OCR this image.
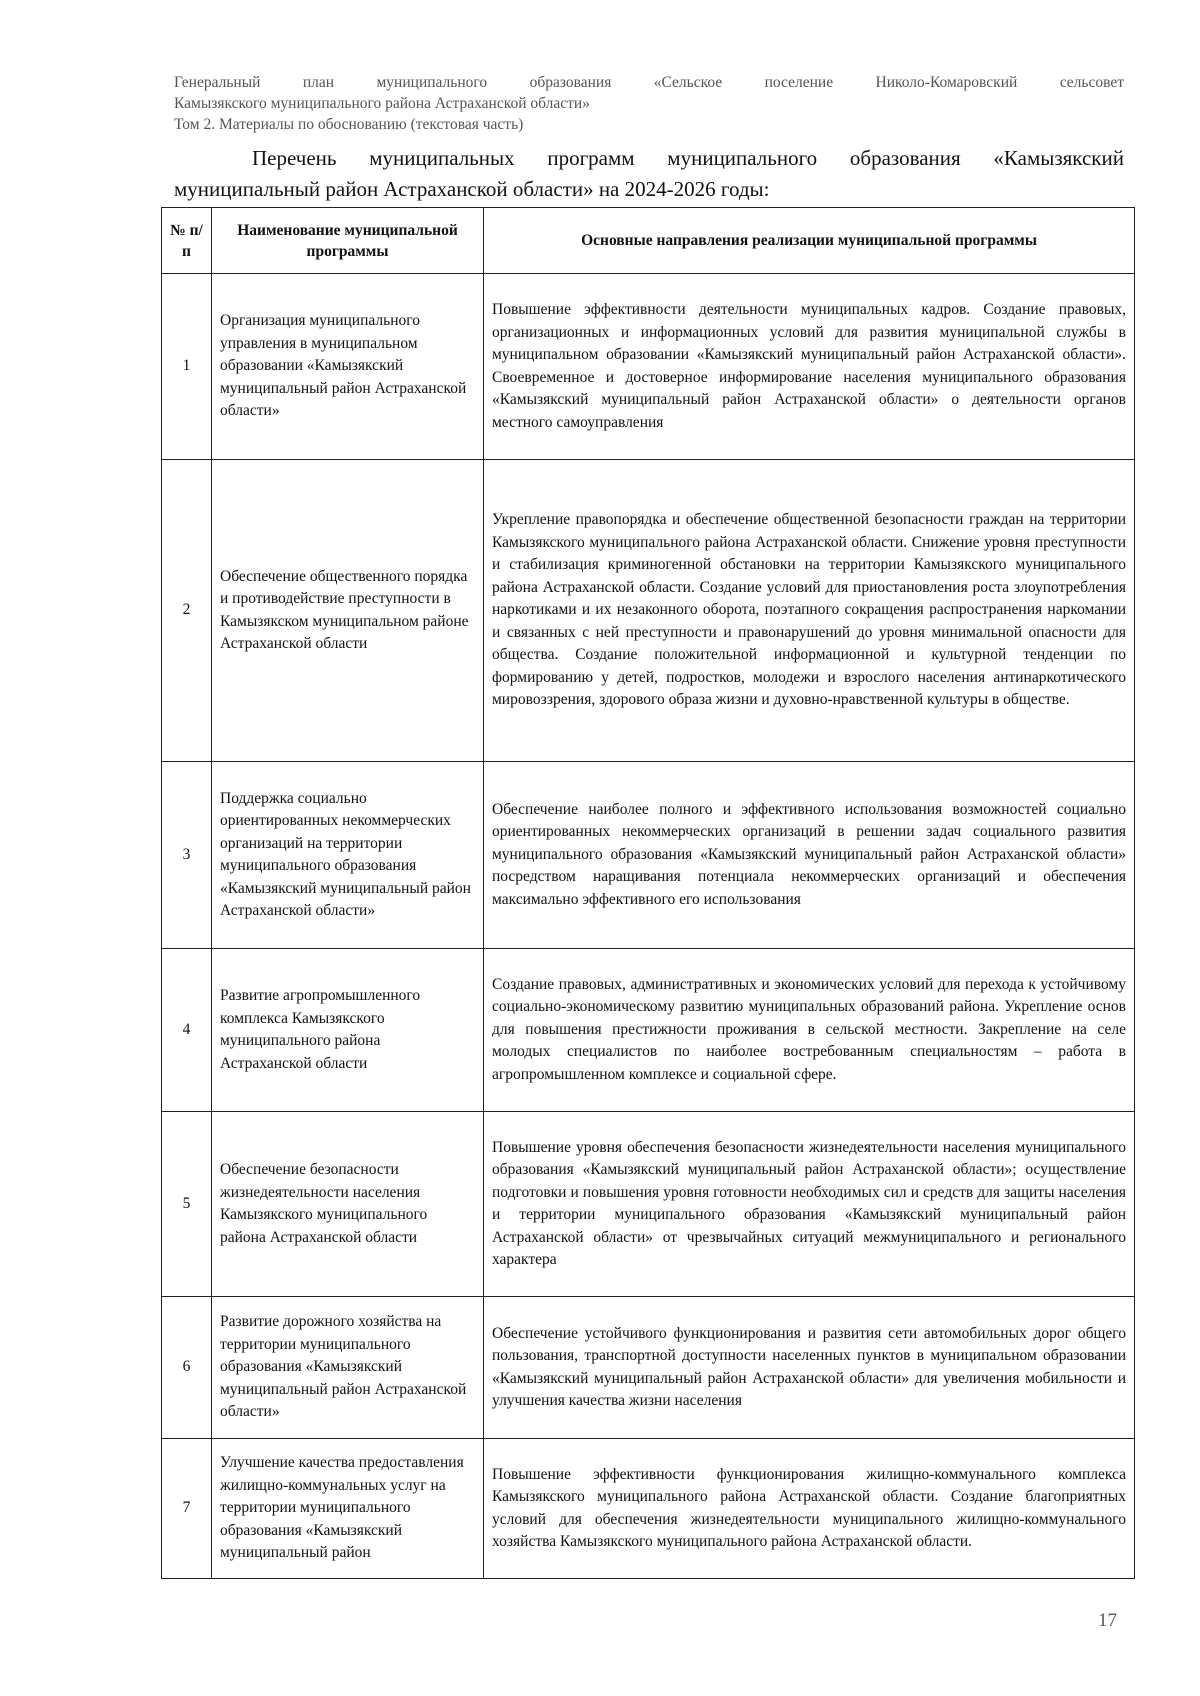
Генеральный план муниципального образования «Сельское поселение Николо-Комаровский сельсовет
Камызякского муниципального района Астраханской области»
Том 2. Материалы по обоснованию (текстовая часть)
Перечень муниципальных программ муниципального образования «Камызякский муниципальный район Астраханской области» на 2024-2026 годы:
№ п/п	Наименование муниципальной программы	Основные направления реализации муниципальной программы
1	Организация муниципального управления в муниципальном образовании «Камызякский муниципальный район Астраханской области»	Повышение эффективности деятельности муниципальных кадров. Создание правовых, организационных и информационных условий для развития муниципальной службы в муниципальном образовании «Камызякский муниципальный район Астраханской области». Своевременное и достоверное информирование населения муниципального образования «Камызякский муниципальный район Астраханской области» о деятельности органов местного самоуправления
2	Обеспечение общественного порядка и противодействие преступности в Камызякском муниципальном районе Астраханской области	Укрепление правопорядка и обеспечение общественной безопасности граждан на территории Камызякского муниципального района Астраханской области. Снижение уровня преступности и стабилизация криминогенной обстановки на территории Камызякского муниципального района Астраханской области. Создание условий для приостановления роста злоупотребления наркотиками и их незаконного оборота, поэтапного сокращения распространения наркомании и связанных с ней преступности и правонарушений до уровня минимальной опасности для общества. Создание положительной информационной и культурной тенденции по формированию у детей, подростков, молодежи и взрослого населения антинаркотического мировоззрения, здорового образа жизни и духовно-нравственной культуры в обществе.
3	Поддержка социально ориентированных некоммерческих организаций на территории муниципального образования «Камызякский муниципальный район Астраханской области»	Обеспечение наиболее полного и эффективного использования возможностей социально ориентированных некоммерческих организаций в решении задач социального развития муниципального образования «Камызякский муниципальный район Астраханской области» посредством наращивания потенциала некоммерческих организаций и обеспечения максимально эффективного его использования
4	Развитие агропромышленного комплекса Камызякского муниципального района Астраханской области	Создание правовых, административных и экономических условий для перехода к устойчивому социально-экономическому развитию муниципальных образований района. Укрепление основ для повышения престижности проживания в сельской местности. Закрепление на селе молодых специалистов по наиболее востребованным специальностям – работа в агропромышленном комплексе и социальной сфере.
5	Обеспечение безопасности жизнедеятельности населения Камызякского муниципального района Астраханской области	Повышение уровня обеспечения безопасности жизнедеятельности населения муниципального образования «Камызякский муниципальный район Астраханской области»; осуществление подготовки и повышения уровня готовности необходимых сил и средств для защиты населения и территории муниципального образования «Камызякский муниципальный район Астраханской области» от чрезвычайных ситуаций межмуниципального и регионального характера
6	Развитие дорожного хозяйства на территории муниципального образования «Камызякский муниципальный район Астраханской области»	Обеспечение устойчивого функционирования и развития сети автомобильных дорог общего пользования, транспортной доступности населенных пунктов в муниципальном образовании «Камызякский муниципальный район Астраханской области» для увеличения мобильности и улучшения качества жизни населения
7	Улучшение качества предоставления жилищно-коммунальных услуг на территории муниципального образования «Камызякский муниципальный район	Повышение эффективности функционирования жилищно-коммунального комплекса Камызякского муниципального района Астраханской области. Создание благоприятных условий для обеспечения жизнедеятельности муниципального жилищно-коммунального хозяйства Камызякского муниципального района Астраханской области.
17
